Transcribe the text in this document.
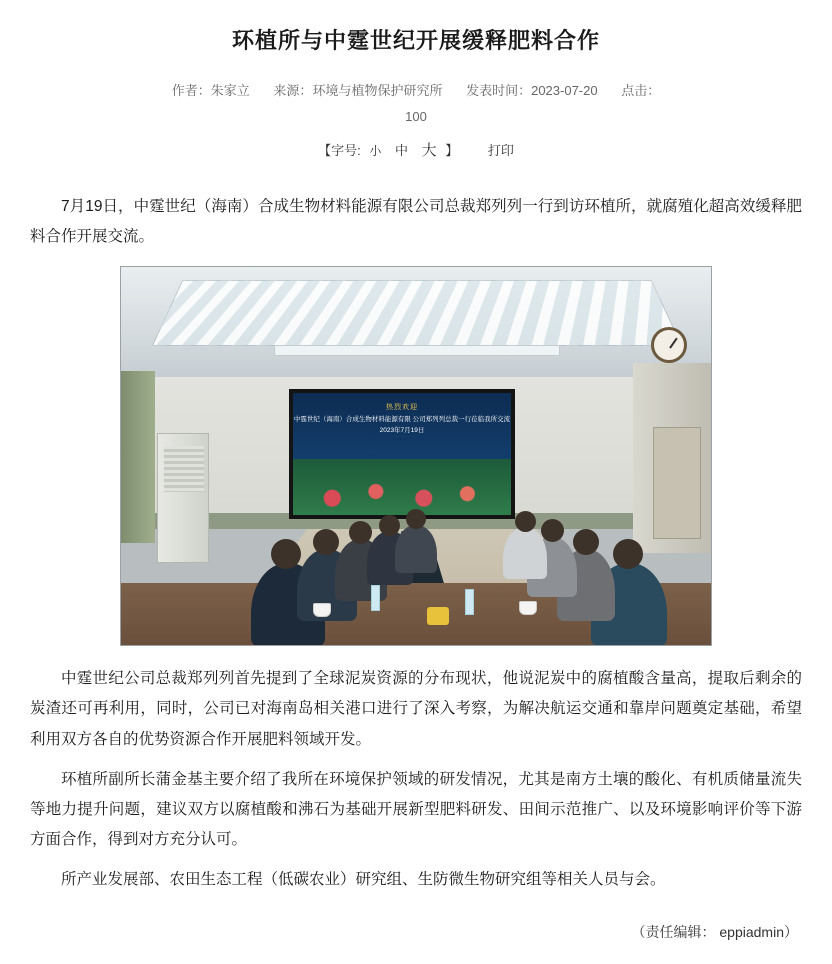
环植所与中霆世纪开展缓释肥料合作
作者：朱家立 来源：环境与植物保护研究所 发表时间：2023-07-20 点击：
100
【字号: 小 中 大 】 打印

7月19日，中霆世纪（海南）合成生物材料能源有限公司总裁郑列列一行到访环植所，就腐殖化超高效缓释肥料合作开展交流。

热烈欢迎
中霆世纪（海南）合成生物材料能源有限 公司郑列列总裁一行莅临我所交流 2023年7月19日

中霆世纪公司总裁郑列列首先提到了全球泥炭资源的分布现状，他说泥炭中的腐植酸含量高，提取后剩余的炭渣还可再利用，同时，公司已对海南岛相关港口进行了深入考察，为解决航运交通和靠岸问题奠定基础，希望利用双方各自的优势资源合作开展肥料领域开发。

环植所副所长蒲金基主要介绍了我所在环境保护领域的研发情况，尤其是南方土壤的酸化、有机质储量流失等地力提升问题，建议双方以腐植酸和沸石为基础开展新型肥料研发、田间示范推广、以及环境影响评价等下游方面合作，得到对方充分认可。

所产业发展部、农田生态工程（低碳农业）研究组、生防微生物研究组等相关人员与会。

（责任编辑： eppiadmin）
